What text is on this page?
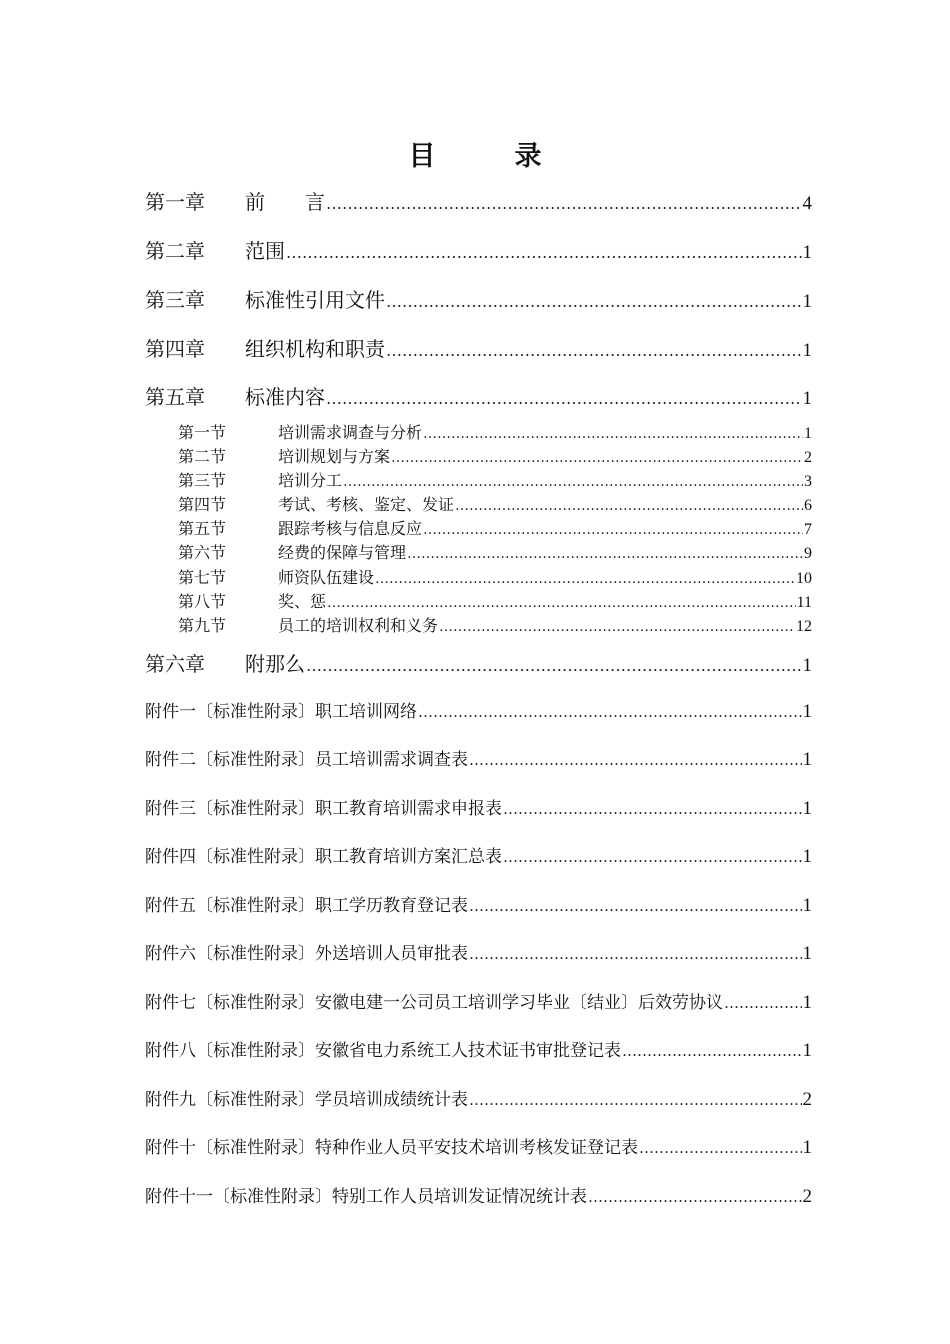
目　录
第一章	前　　言 ……………………………………………………………………………………………………………………………………………………	4
第二章	范围 ……………………………………………………………………………………………………………………………………………………	1
第三章	标准性引用文件 ……………………………………………………………………………………………………………………………………………………	1
第四章	组织机构和职责 ……………………………………………………………………………………………………………………………………………………	1
第五章	标准内容 ……………………………………………………………………………………………………………………………………………………	1
第一节	培训需求调查与分析 ……………………………………………………………………………………………………………………………………………………	1
第二节	培训规划与方案 ……………………………………………………………………………………………………………………………………………………	2
第三节	培训分工 ……………………………………………………………………………………………………………………………………………………	3
第四节	考试、考核、鉴定、发证 ……………………………………………………………………………………………………………………………………………………	6
第五节	跟踪考核与信息反应 ……………………………………………………………………………………………………………………………………………………	7
第六节	经费的保障与管理 ……………………………………………………………………………………………………………………………………………………	9
第七节	师资队伍建设 ……………………………………………………………………………………………………………………………………………………	10
第八节	奖、惩 ……………………………………………………………………………………………………………………………………………………	11
第九节	员工的培训权利和义务 ……………………………………………………………………………………………………………………………………………………	12
第六章	附那么 ……………………………………………………………………………………………………………………………………………………	1
附件一〔标准性附录〕职工培训网络 ……………………………………………………………………………………………………………………………………………………	1
附件二〔标准性附录〕员工培训需求调查表 ……………………………………………………………………………………………………………………………………………………	1
附件三〔标准性附录〕职工教育培训需求申报表 ……………………………………………………………………………………………………………………………………………………	1
附件四〔标准性附录〕职工教育培训方案汇总表 ……………………………………………………………………………………………………………………………………………………	1
附件五〔标准性附录〕职工学历教育登记表 ……………………………………………………………………………………………………………………………………………………	1
附件六〔标准性附录〕外送培训人员审批表 ……………………………………………………………………………………………………………………………………………………	1
附件七〔标准性附录〕安徽电建一公司员工培训学习毕业〔结业〕后效劳协议 ……………………………………………………………………………………………………………………………………………………	1
附件八〔标准性附录〕安徽省电力系统工人技术证书审批登记表 ……………………………………………………………………………………………………………………………………………………	1
附件九〔标准性附录〕学员培训成绩统计表 ……………………………………………………………………………………………………………………………………………………	2
附件十〔标准性附录〕特种作业人员平安技术培训考核发证登记表 ……………………………………………………………………………………………………………………………………………………	1
附件十一〔标准性附录〕特别工作人员培训发证情况统计表 ……………………………………………………………………………………………………………………………………………………	2
